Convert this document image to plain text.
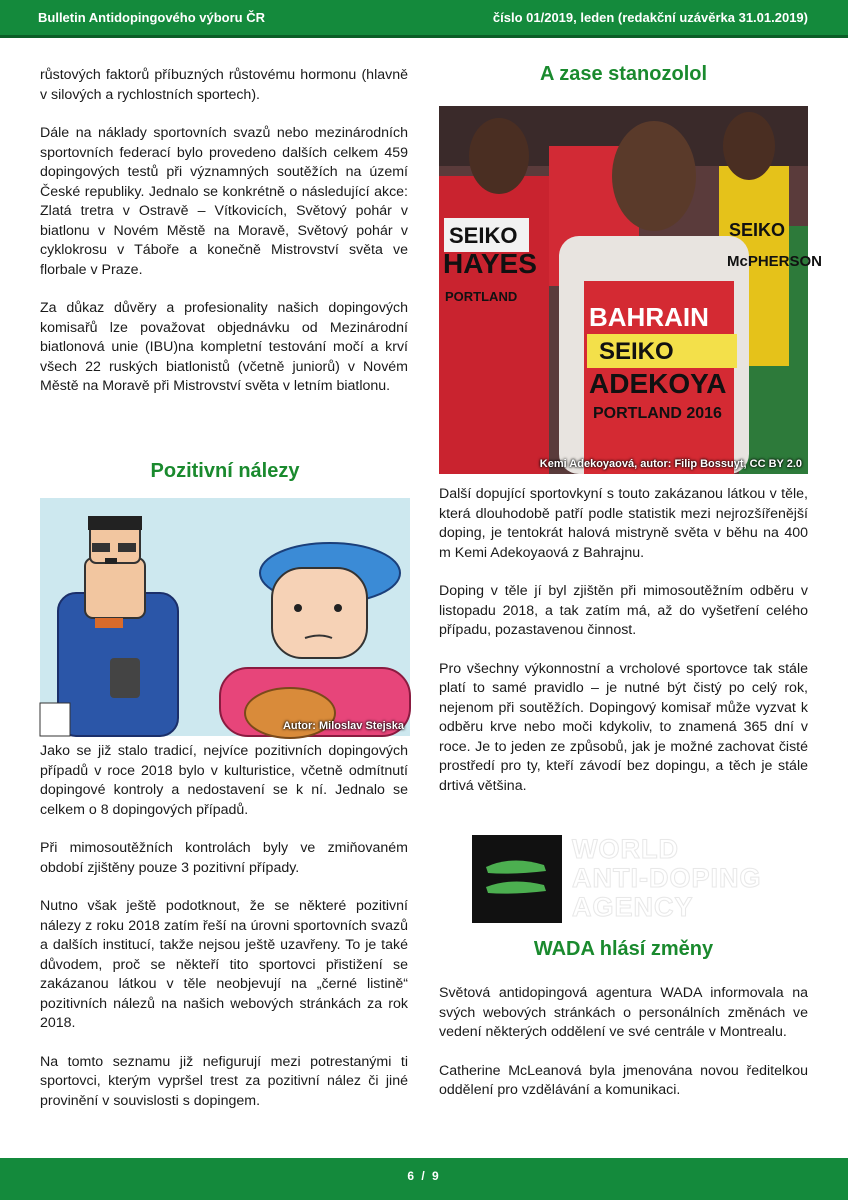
Bulletin Antidopingového výboru ČR	číslo 01/2019, leden (redakční uzávěrka 31.01.2019)

růstových faktorů příbuzných růstovému hormonu (hlavně v silových a rychlostních sportech).

Dále na náklady sportovních svazů nebo mezinárodních sportovních federací bylo provedeno dalších celkem 459 dopingových testů při významných soutěžích na území České republiky. Jednalo se konkrétně o následující akce: Zlatá tretra v Ostravě – Vítkovicích, Světový pohár v biatlonu v Novém Městě na Moravě, Světový pohár v cyklokrosu v Táboře a konečně Mistrovství světa ve florbale v Praze.

Za důkaz důvěry a profesionality našich dopingových komisařů lze považovat objednávku od Mezinárodní biatlonová unie (IBU)na kompletní testování močí a krví všech 22 ruských biatlonistů (včetně juniorů) v Novém Městě na Moravě při Mistrovství světa v letním biatlonu.

Pozitivní nálezy
Autor: Miloslav Stejska

Jako se již stalo tradicí, nejvíce pozitivních dopingových případů v roce 2018 bylo v kulturistice, včetně odmítnutí dopingové kontroly a nedostavení se k ní. Jednalo se celkem o 8 dopingových případů.

Při mimosoutěžních kontrolách byly ve zmiňovaném období zjištěny pouze 3 pozitivní případy.

Nutno však ještě podotknout, že se některé pozitivní nálezy z roku 2018 zatím řeší na úrovni sportovních svazů a dalších institucí, takže nejsou ještě uzavřeny. To je také důvodem, proč se někteří tito sportovci přistižení se zakázanou látkou v těle neobjevují na „černé listině“ pozitivních nálezů na našich webových stránkách za rok 2018.

Na tomto seznamu již nefigurují mezi potrestanými ti sportovci, kterým vypršel trest za pozitivní nález či jiné provinění v souvislosti s dopingem.

A zase stanozolol
SEIKO
HAYES
PORTLAND
BAHRAIN
SEIKO
ADEKOYA
PORTLAND 2016
SEIKO
McPHERSON
Kemi Adekoyaová, autor: Filip Bossuyt, CC BY 2.0

Další dopující sportovkyní s touto zakázanou látkou v těle, která dlouhodobě patří podle statistik mezi nejrozšířenější doping, je tentokrát halová mistryně světa v běhu na 400 m Kemi Adekoyaová z Bahrajnu.

Doping v těle jí byl zjištěn při mimosoutěžním odběru v listopadu 2018, a tak zatím má, až do vyšetření celého případu, pozastavenou činnost.

Pro všechny výkonnostní a vrcholové sportovce tak stále platí to samé pravidlo – je nutné být čistý po celý rok, nejenom při soutěžích. Dopingový komisař může vyzvat k odběru krve nebo moči kdykoliv, to znamená 365 dní v roce. Je to jeden ze způsobů, jak je možné zachovat čisté prostředí pro ty, kteří závodí bez dopingu, a těch je stále drtivá většina.

WORLD
ANTI-DOPING
AGENCY
WADA hlásí změny

Světová antidopingová agentura WADA informovala na svých webových stránkách o personálních změnách ve vedení některých oddělení ve své centrále v Montrealu.

Catherine McLeanová byla jmenována novou ředitelkou oddělení pro vzdělávání a komunikaci.

6 / 9
